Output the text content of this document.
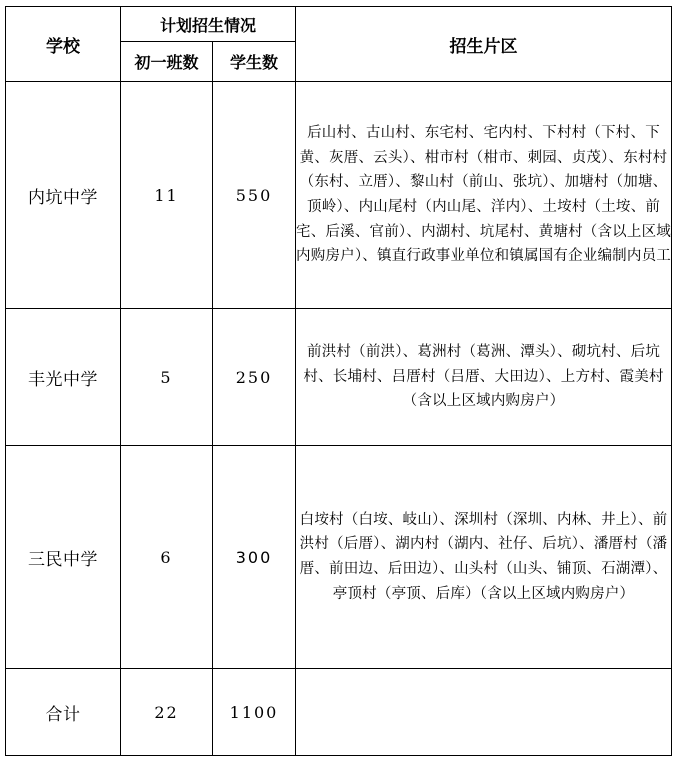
学校	计划招生情况		招生片区
	初一班数	学生数	
内坑中学	11	550	后山村、古山村、东宅村、宅内村、下村村（下村、下黄、灰厝、云头）、柑市村（柑市、刺园、贞茂）、东村村（东村、立厝）、黎山村（前山、张坑）、加塘村（加塘、顶岭）、内山尾村（内山尾、洋内）、土垵村（土垵、前宅、后溪、官前）、内湖村、坑尾村、黄塘村（含以上区域内购房户）、镇直行政事业单位和镇属国有企业编制内员工
丰光中学	5	250	前洪村（前洪）、葛洲村（葛洲、潭头）、砌坑村、后坑村、长埔村、吕厝村（吕厝、大田边）、上方村、霞美村（含以上区域内购房户）
三民中学	6	300	白垵村（白垵、岐山）、深圳村（深圳、内林、井上）、前洪村（后厝）、湖内村（湖内、社仔、后坑）、潘厝村（潘厝、前田边、后田边）、山头村（山头、铺顶、石湖潭）、亭顶村（亭顶、后库）（含以上区域内购房户）
合计	22	1100	
